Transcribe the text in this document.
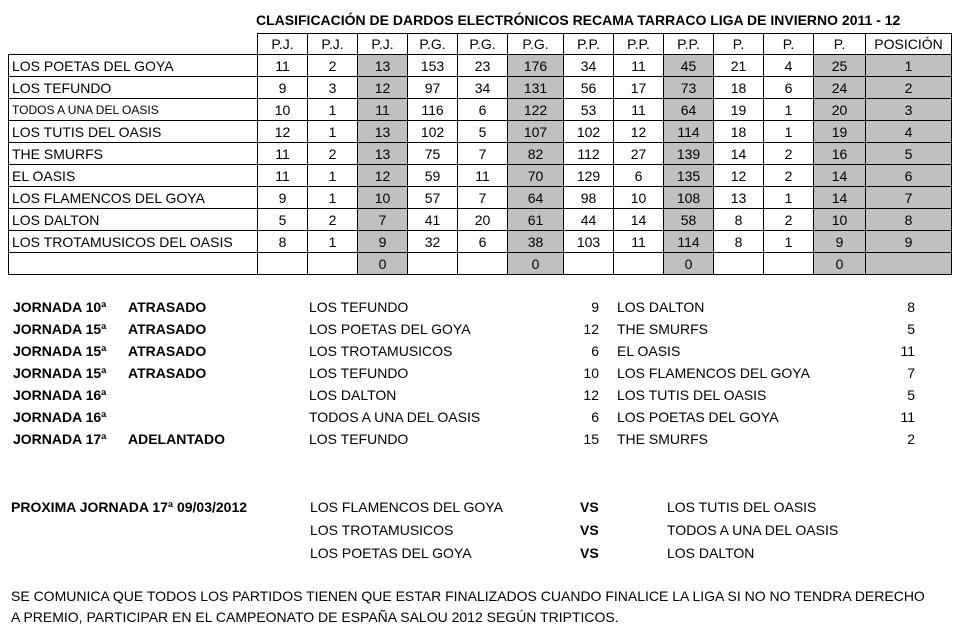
CLASIFICACIÓN DE DARDOS ELECTRÓNICOS RECAMA TARRACO LIGA DE INVIERNO 2011 - 12
	P.J.	P.J.	P.J.	P.G.	P.G.	P.G.	P.P.	P.P.	P.P.	P.	P.	P.	POSICIÓN
LOS POETAS DEL GOYA	11	2	13	153	23	176	34	11	45	21	4	25	1
LOS TEFUNDO	9	3	12	97	34	131	56	17	73	18	6	24	2
TODOS A UNA DEL OASIS	10	1	11	116	6	122	53	11	64	19	1	20	3
LOS TUTIS DEL OASIS	12	1	13	102	5	107	102	12	114	18	1	19	4
THE SMURFS	11	2	13	75	7	82	112	27	139	14	2	16	5
EL OASIS	11	1	12	59	11	70	129	6	135	12	2	14	6
LOS FLAMENCOS DEL GOYA	9	1	10	57	7	64	98	10	108	13	1	14	7
LOS DALTON	5	2	7	41	20	61	44	14	58	8	2	10	8
LOS TROTAMUSICOS DEL OASIS	8	1	9	32	6	38	103	11	114	8	1	9	9
			0			0			0			0	
JORNADA 10ª ATRASADO	LOS TEFUNDO	9 LOS DALTON	8
JORNADA 15ª ATRASADO	LOS POETAS DEL GOYA	12 THE SMURFS	5
JORNADA 15ª ATRASADO	LOS TROTAMUSICOS	6 EL OASIS	11
JORNADA 15ª ATRASADO	LOS TEFUNDO	10 LOS FLAMENCOS DEL GOYA	7
JORNADA 16ª	LOS DALTON	12 LOS TUTIS DEL OASIS	5
JORNADA 16ª	TODOS A UNA DEL OASIS	6 LOS POETAS DEL GOYA	11
JORNADA 17ª ADELANTADO	LOS TEFUNDO	15 THE SMURFS	2
PROXIMA JORNADA 17ª 09/03/2012	LOS FLAMENCOS DEL GOYA	VS	LOS TUTIS DEL OASIS
LOS TROTAMUSICOS	VS	TODOS A UNA DEL OASIS
LOS POETAS DEL GOYA	VS	LOS DALTON
SE COMUNICA QUE TODOS LOS PARTIDOS TIENEN QUE ESTAR FINALIZADOS CUANDO FINALICE LA LIGA SI NO NO TENDRA DERECHO
A PREMIO, PARTICIPAR EN EL CAMPEONATO DE ESPAÑA SALOU 2012 SEGÚN TRIPTICOS.
